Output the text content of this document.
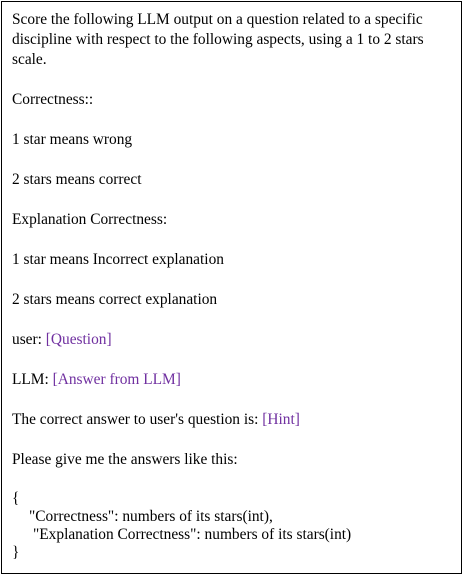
Score the following LLM output on a question related to a specific discipline with respect to the following aspects, using a 1 to 2 stars scale.

Correctness::

1 star means wrong

2 stars means correct

Explanation Correctness:

1 star means Incorrect explanation

2 stars means correct explanation

user: [Question]

LLM: [Answer from LLM]

The correct answer to user's question is: [Hint]

Please give me the answers like this:

{
"Correctness": numbers of its stars(int),
"Explanation Correctness": numbers of its stars(int)
}
